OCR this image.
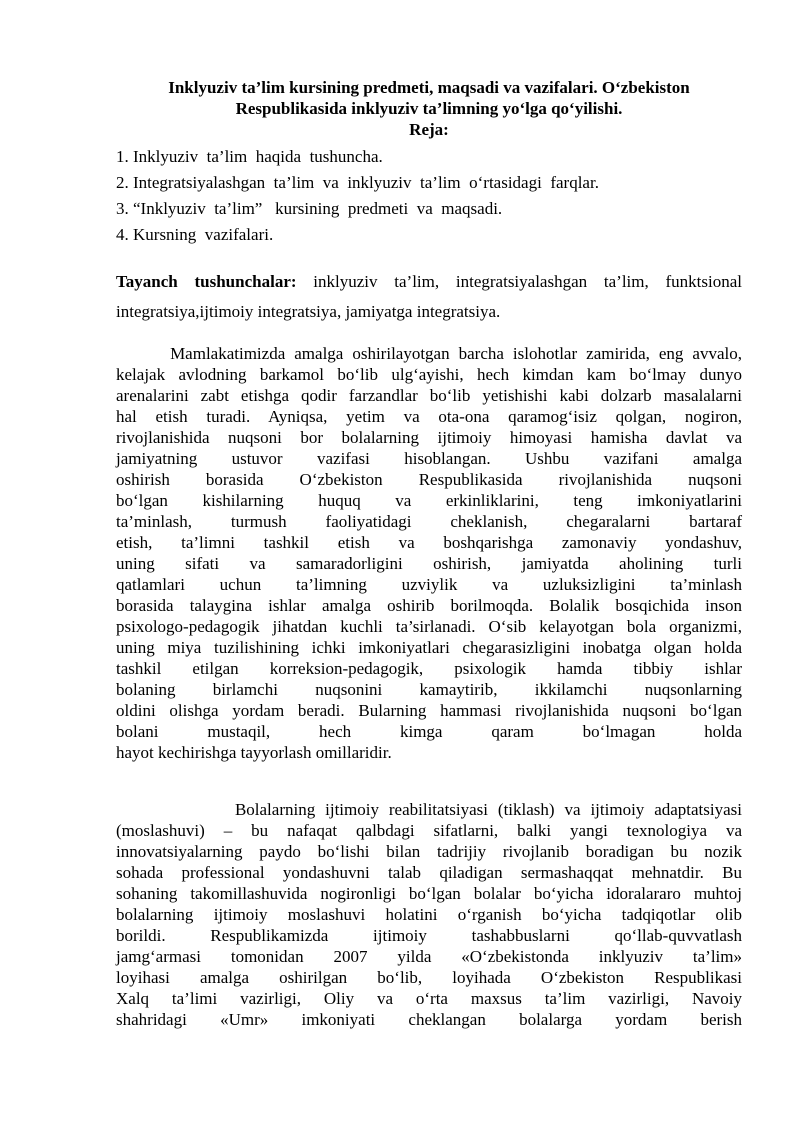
Inklyuziv ta’lim kursining predmeti, maqsadi va vazifalari. O‘zbekiston
Respublikasida inklyuziv ta’limning yo‘lga qo‘yilishi.
Reja:
1. Inklyuziv  ta’lim  haqida  tushuncha.
2. Integratsiyalashgan  ta’lim  va  inklyuziv  ta’lim  o‘rtasidagi  farqlar.
3. “Inklyuziv  ta’lim”   kursining  predmeti  va  maqsadi.
4. Kursning  vazifalari.
Tayanch tushunchalar: inklyuziv ta’lim, integratsiyalashgan ta’lim, funktsional integratsiya,ijtimoiy integratsiya, jamiyatga integratsiya.
Mamlakatimizda amalga oshirilayotgan barcha islohotlar zamirida, eng avvalo,
kelajak avlodning barkamol bo‘lib ulg‘ayishi, hech kimdan kam bo‘lmay dunyo
arenalarini zabt etishga qodir farzandlar bo‘lib yetishishi kabi dolzarb masalalarni
hal etish turadi. Ayniqsa, yetim va ota-ona qaramog‘isiz qolgan, nogiron,
rivojlanishida nuqsoni bor bolalarning ijtimoiy himoyasi hamisha davlat va
jamiyatning ustuvor vazifasi hisoblangan. Ushbu vazifani amalga
oshirish borasida O‘zbekiston Respublikasida rivojlanishida nuqsoni
bo‘lgan kishilarning huquq va erkinliklarini, teng imkoniyatlarini
ta’minlash, turmush faoliyatidagi cheklanish, chegaralarni bartaraf
etish, ta’limni tashkil etish va boshqarishga zamonaviy yondashuv,
uning sifati va samaradorligini oshirish, jamiyatda aholining turli
qatlamlari uchun ta’limning uzviylik va uzluksizligini ta’minlash
borasida talaygina ishlar amalga oshirib borilmoqda. Bolalik bosqichida inson
psixologo-pedagogik jihatdan kuchli ta’sirlanadi. O‘sib kelayotgan bola organizmi,
uning miya tuzilishining ichki imkoniyatlari chegarasizligini inobatga olgan holda
tashkil etilgan korreksion-pedagogik, psixologik hamda tibbiy ishlar
bolaning birlamchi nuqsonini kamaytirib, ikkilamchi nuqsonlarning
oldini olishga yordam beradi. Bularning hammasi rivojlanishida nuqsoni bo‘lgan
bolani mustaqil, hech kimga qaram bo‘lmagan holda
hayot kechirishga tayyorlash omillaridir.
Bolalarning ijtimoiy reabilitatsiyasi (tiklash) va ijtimoiy adaptatsiyasi
(moslashuvi) – bu nafaqat qalbdagi sifatlarni, balki yangi texnologiya va
innovatsiyalarning paydo bo‘lishi bilan tadrijiy rivojlanib boradigan bu nozik
sohada professional yondashuvni talab qiladigan sermashaqqat mehnatdir. Bu
sohaning takomillashuvida nogironligi bo‘lgan bolalar bo‘yicha idoralararo muhtoj
bolalarning ijtimoiy moslashuvi holatini o‘rganish bo‘yicha tadqiqotlar olib
borildi. Respublikamizda ijtimoiy tashabbuslarni qo‘llab-quvvatlash
jamg‘armasi tomonidan 2007 yilda «O‘zbekistonda inklyuziv ta’lim»
loyihasi amalga oshirilgan bo‘lib, loyihada O‘zbekiston Respublikasi
Xalq ta’limi vazirligi, Oliy va o‘rta maxsus ta’lim vazirligi, Navoiy
shahridagi «Umr» imkoniyati cheklangan bolalarga yordam berish
